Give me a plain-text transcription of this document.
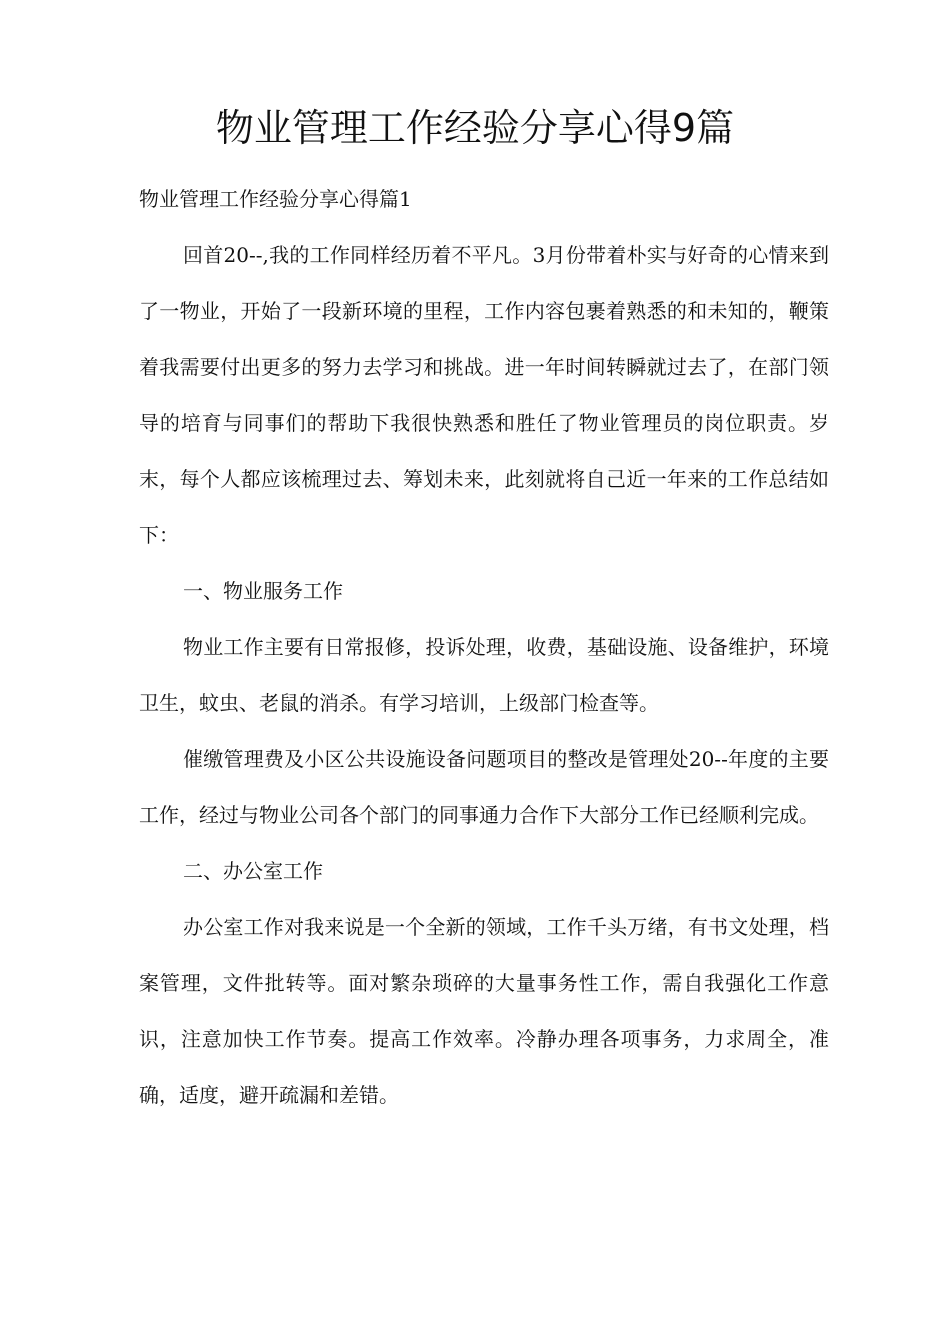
物业管理工作经验分享心得9篇

物业管理工作经验分享心得篇1

回首20--,我的工作同样经历着不平凡。3月份带着朴实与好奇的心情来到了一物业，开始了一段新环境的里程，工作内容包裹着熟悉的和未知的，鞭策着我需要付出更多的努力去学习和挑战。进一年时间转瞬就过去了，在部门领导的培育与同事们的帮助下我很快熟悉和胜任了物业管理员的岗位职责。岁末，每个人都应该梳理过去、筹划未来，此刻就将自己近一年来的工作总结如下：

一、物业服务工作

物业工作主要有日常报修，投诉处理，收费，基础设施、设备维护，环境卫生，蚊虫、老鼠的消杀。有学习培训，上级部门检查等。

催缴管理费及小区公共设施设备问题项目的整改是管理处20--年度的主要工作，经过与物业公司各个部门的同事通力合作下大部分工作已经顺利完成。

二、办公室工作

办公室工作对我来说是一个全新的领域，工作千头万绪，有书文处理，档案管理，文件批转等。面对繁杂琐碎的大量事务性工作，需自我强化工作意识，注意加快工作节奏。提高工作效率。冷静办理各项事务，力求周全，准确，适度，避开疏漏和差错。
